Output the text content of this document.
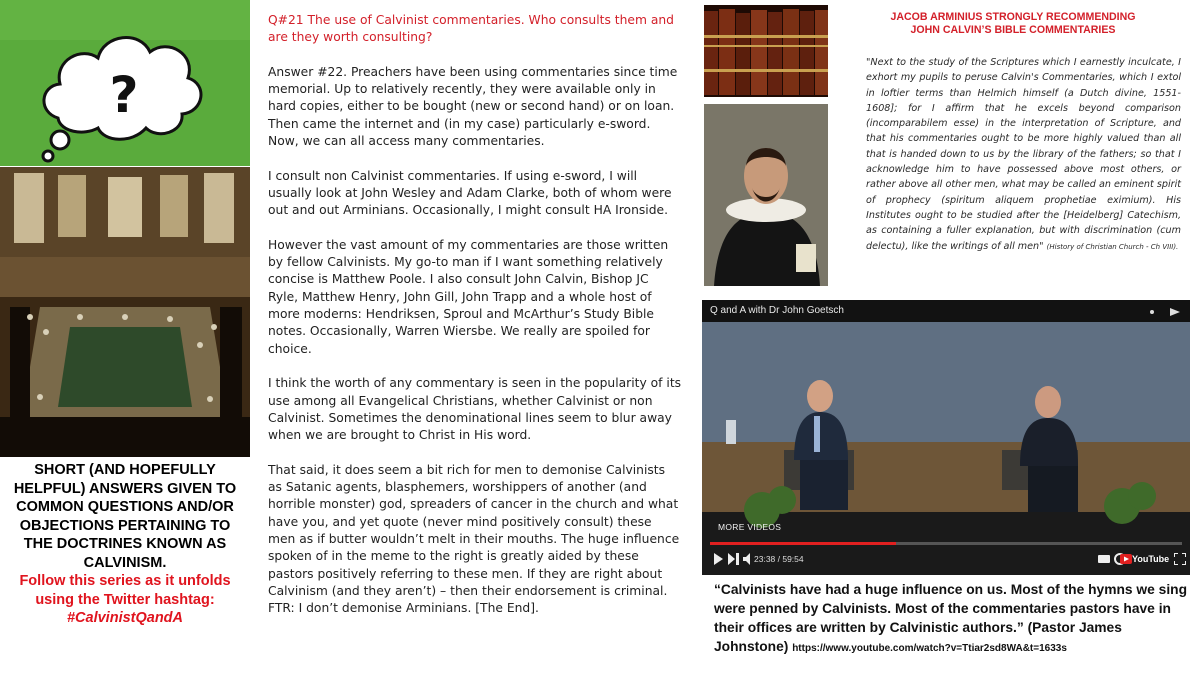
?
SHORT (AND HOPEFULLY HELPFUL) ANSWERS GIVEN TO COMMON QUESTIONS AND/OR OBJECTIONS PERTAINING TO THE DOCTRINES KNOWN AS CALVINISM.
Follow this series as it unfolds using the Twitter hashtag:
#CalvinistQandA

Q#21 The use of Calvinist commentaries. Who consults them and are they worth consulting?

Answer #22. Preachers have been using commentaries since time memorial. Up to relatively recently, they were available only in hard copies, either to be bought (new or second hand) or on loan. Then came the internet and (in my case) particularly e-sword. Now, we can all access many commentaries.

I consult non Calvinist commentaries. If using e-sword, I will usually look at John Wesley and Adam Clarke, both of whom were out and out Arminians. Occasionally, I might consult HA Ironside.

However the vast amount of my commentaries are those written by fellow Calvinists. My go-to man if I want something relatively concise is Matthew Poole. I also consult John Calvin, Bishop JC Ryle, Matthew Henry, John Gill, John Trapp and a whole host of more moderns: Hendriksen, Sproul and McArthur’s Study Bible notes. Occasionally, Warren Wiersbe. We really are spoiled for choice.

I think the worth of any commentary is seen in the popularity of its use among all Evangelical Christians, whether Calvinist or non Calvinist. Sometimes the denominational lines seem to blur away when we are brought to Christ in His word.

That said, it does seem a bit rich for men to demonise Calvinists as Satanic agents, blasphemers, worshippers of another (and horrible monster) god, spreaders of cancer in the church and what have you, and yet quote (never mind positively consult) these men as if butter wouldn’t melt in their mouths. The huge influence spoken of in the meme to the right is greatly aided by these pastors positively referring to these men. If they are right about Calvinism (and they aren’t) – then their endorsement is criminal. FTR: I don’t demonise Arminians. [The End].

JACOB ARMINIUS STRONGLY RECOMMENDING
JOHN CALVIN’S BIBLE COMMENTARIES
"Next to the study of the Scriptures which I earnestly inculcate, I exhort my pupils to peruse Calvin's Commentaries, which I extol in loftier terms than Helmich himself (a Dutch divine, 1551-1608]; for I affirm that he excels beyond comparison (incomparabilem esse) in the interpretation of Scripture, and that his commentaries ought to be more highly valued than all that is handed down to us by the library of the fathers; so that I acknowledge him to have possessed above most others, or rather above all other men, what may be called an eminent spirit of prophecy (spiritum aliquem prophetiae eximium). His Institutes ought to be studied after the [Heidelberg] Catechism, as containing a fuller explanation, but with discrimination (cum delectu), like the writings of all men" (History of Christian Church - Ch VIII).
Q and A with Dr John Goetsch
MORE VIDEOS
23:38 / 59:54	YouTube
“Calvinists have had a huge influence on us. Most of the hymns we sing were penned by Calvinists. Most of the commentaries pastors have in their offices are written by Calvinistic authors.” (Pastor James Johnstone) https://www.youtube.com/watch?v=Ttiar2sd8WA&t=1633s
